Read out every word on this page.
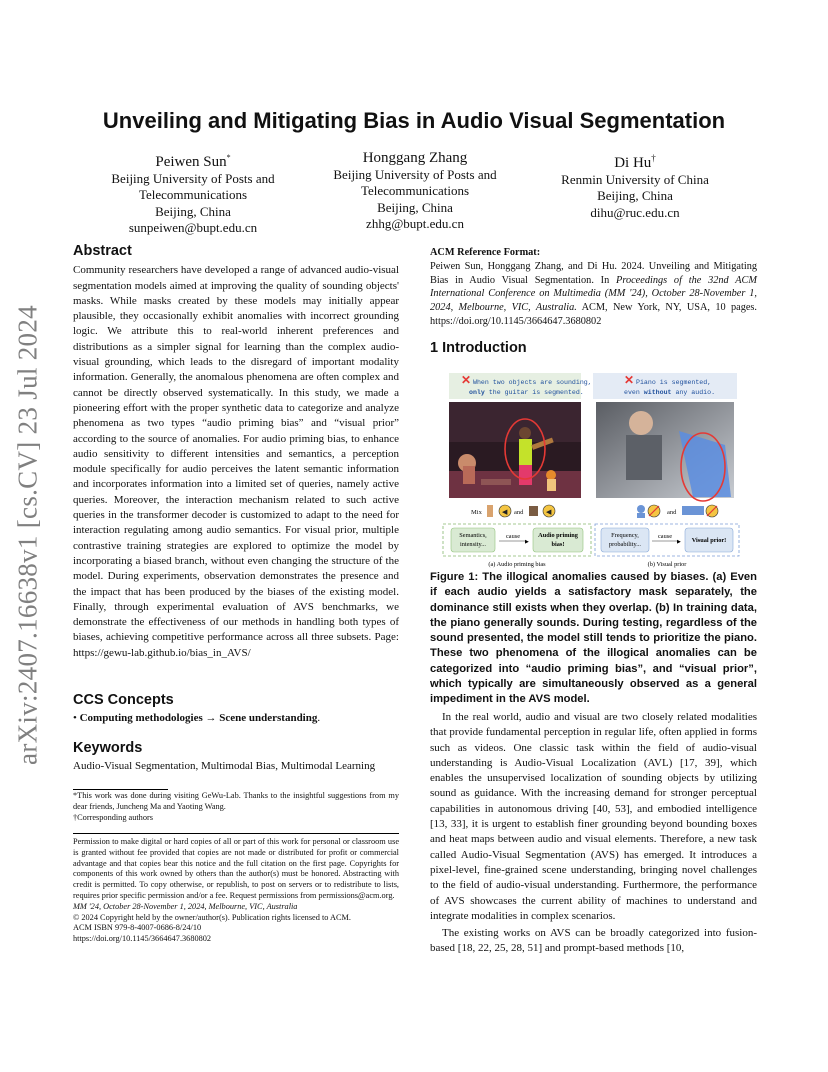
arXiv:2407.16638v1 [cs.CV] 23 Jul 2024
Unveiling and Mitigating Bias in Audio Visual Segmentation
Peiwen Sun*
Beijing University of Posts and
Telecommunications
Beijing, China
sunpeiwen@bupt.edu.cn
Honggang Zhang
Beijing University of Posts and
Telecommunications
Beijing, China
zhhg@bupt.edu.cn
Di Hu†
Renmin University of China
Beijing, China
dihu@ruc.edu.cn
Abstract
Community researchers have developed a range of advanced audio-visual segmentation models aimed at improving the quality of sounding objects' masks. While masks created by these models may initially appear plausible, they occasionally exhibit anomalies with incorrect grounding logic. We attribute this to real-world inherent preferences and distributions as a simpler signal for learning than the complex audio-visual grounding, which leads to the disregard of important modality information. Generally, the anomalous phenomena are often complex and cannot be directly observed systematically. In this study, we made a pioneering effort with the proper synthetic data to categorize and analyze phenomena as two types “audio priming bias” and “visual prior” according to the source of anomalies. For audio priming bias, to enhance audio sensitivity to different intensities and semantics, a perception module specifically for audio perceives the latent semantic information and incorporates information into a limited set of queries, namely active queries. Moreover, the interaction mechanism related to such active queries in the transformer decoder is customized to adapt to the need for interaction regulating among audio semantics. For visual prior, multiple contrastive training strategies are explored to optimize the model by incorporating a biased branch, without even changing the structure of the model. During experiments, observation demonstrates the presence and the impact that has been produced by the biases of the existing model. Finally, through experimental evaluation of AVS benchmarks, we demonstrate the effectiveness of our methods in handling both types of biases, achieving competitive performance across all three subsets. Page: https://gewu-lab.github.io/bias_in_AVS/
CCS Concepts
• Computing methodologies → Scene understanding.
Keywords
Audio-Visual Segmentation, Multimodal Bias, Multimodal Learning
*This work was done during visiting GeWu-Lab. Thanks to the insightful suggestions from my dear friends, Juncheng Ma and Yaoting Wang.
†Corresponding authors
Permission to make digital or hard copies of all or part of this work for personal or classroom use is granted without fee provided that copies are not made or distributed for profit or commercial advantage and that copies bear this notice and the full citation on the first page. Copyrights for components of this work owned by others than the author(s) must be honored. Abstracting with credit is permitted. To copy otherwise, or republish, to post on servers or to redistribute to lists, requires prior specific permission and/or a fee. Request permissions from permissions@acm.org.
MM '24, October 28-November 1, 2024, Melbourne, VIC, Australia
© 2024 Copyright held by the owner/author(s). Publication rights licensed to ACM.
ACM ISBN 979-8-4007-0686-8/24/10
https://doi.org/10.1145/3664647.3680802
ACM Reference Format:
Peiwen Sun, Honggang Zhang, and Di Hu. 2024. Unveiling and Mitigating Bias in Audio Visual Segmentation. In Proceedings of the 32nd ACM International Conference on Multimedia (MM '24), October 28-November 1, 2024, Melbourne, VIC, Australia. ACM, New York, NY, USA, 10 pages. https://doi.org/10.1145/3664647.3680802
1 Introduction
✕ When two objects are sounding,
only the guitar is segmented.
✕ Piano is segmented,
even without any audio.
Mix	◀ and	◀	and
Semantics,
intensity...
cause
▶
Audio priming
bias!
Frequency,
probability...
cause
▶ Visual prior!
(a) Audio priming bias	(b) Visual prior
Figure 1: The illogical anomalies caused by biases. (a) Even if each audio yields a satisfactory mask separately, the dominance still exists when they overlap. (b) In training data, the piano generally sounds. During testing, regardless of the sound presented, the model still tends to prioritize the piano. These two phenomena of the illogical anomalies can be categorized into “audio priming bias”, and “visual prior”, which typically are simultaneously observed as a general impediment in the AVS model.
In the real world, audio and visual are two closely related modalities that provide fundamental perception in regular life, often applied in forms such as videos. One classic task within the field of audio-visual understanding is Audio-Visual Localization (AVL) [17, 39], which enables the unsupervised localization of sounding objects by utilizing sound as guidance. With the increasing demand for stronger perceptual capabilities in autonomous driving [40, 53], and embodied intelligence [13, 33], it is urgent to establish finer grounding beyond bounding boxes and heat maps between audio and visual elements. Therefore, a new task called Audio-Visual Segmentation (AVS) has emerged. It introduces a pixel-level, fine-grained scene understanding, bringing novel challenges to the field of audio-visual understanding. Furthermore, the performance of AVS showcases the current ability of machines to understand and integrate modalities in complex scenarios.
The existing works on AVS can be broadly categorized into fusion-based [18, 22, 25, 28, 51] and prompt-based methods [10,
